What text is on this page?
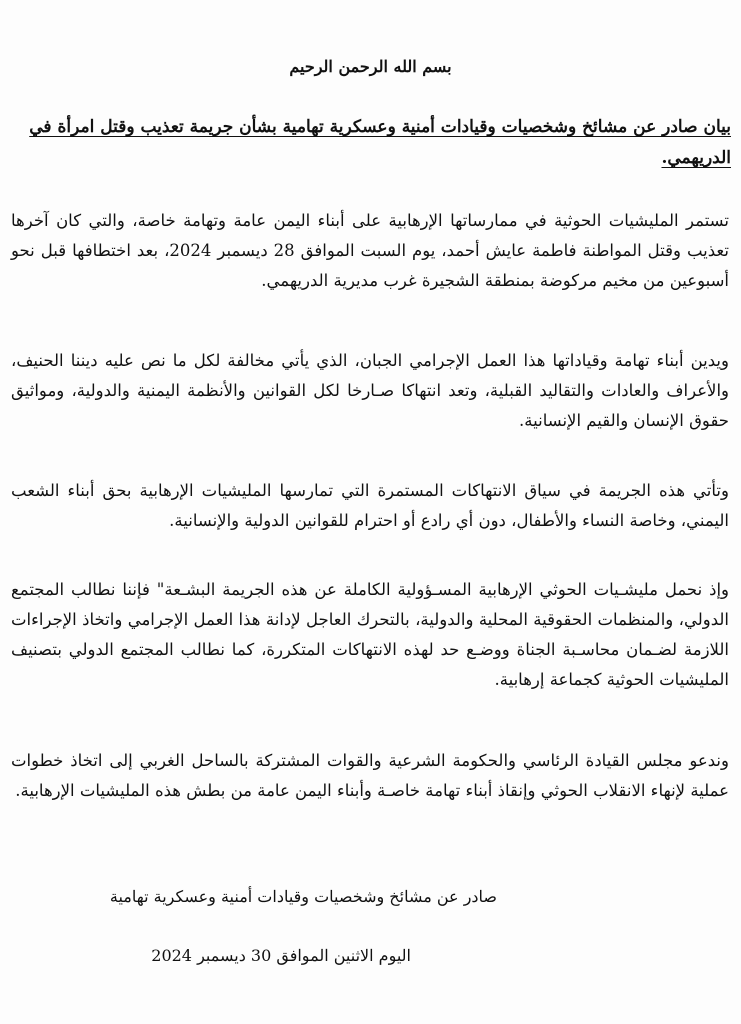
بسم الله الرحمن الرحيم
بيان صادر عن مشائخ وشخصيات وقيادات أمنية وعسكرية تهامية بشأن جريمة تعذيب وقتل امرأة في الدريهمي.

تستمر المليشيات الحوثية في ممارساتها الإرهابية على أبناء اليمن عامة وتهامة خاصة، والتي كان آخرها تعذيب وقتل المواطنة فاطمة عايش أحمد، يوم السبت الموافق 28 ديسمبر 2024، بعد اختطافها قبل نحو أسبوعين من مخيم مركوضة بمنطقة الشجيرة غرب مديرية الدريهمي.

ويدين أبناء تهامة وقياداتها هذا العمل الإجرامي الجبان، الذي يأتي مخالفة لكل ما نص عليه ديننا الحنيف، والأعراف والعادات والتقاليد القبلية، وتعد انتهاكا صـارخا لكل القوانين والأنظمة اليمنية والدولية، ومواثيق حقوق الإنسان والقيم الإنسانية.

وتأتي هذه الجريمة في سياق الانتهاكات المستمرة التي تمارسها المليشيات الإرهابية بحق أبناء الشعب اليمني، وخاصة النساء والأطفال، دون أي رادع أو احترام للقوانين الدولية والإنسانية.

وإذ نحمل مليشـيات الحوثي الإرهابية المسـؤولية الكاملة عن هذه الجريمة البشـعة" فإننا نطالب المجتمع الدولي، والمنظمات الحقوقية المحلية والدولية، بالتحرك العاجل لإدانة هذا العمل الإجرامي واتخاذ الإجراءات اللازمة لضـمان محاسـبة الجناة ووضـع حد لهذه الانتهاكات المتكررة، كما نطالب المجتمع الدولي بتصنيف المليشيات الحوثية كجماعة إرهابية.

وندعو مجلس القيادة الرئاسي والحكومة الشرعية والقوات المشتركة بالساحل الغربي إلى اتخاذ خطوات عملية لإنهاء الانقلاب الحوثي وإنقاذ أبناء تهامة خاصـة وأبناء اليمن عامة من بطش هذه المليشيات الإرهابية.

صادر عن مشائخ وشخصيات وقيادات أمنية وعسكرية تهامية
اليوم الاثنين الموافق 30 ديسمبر 2024
